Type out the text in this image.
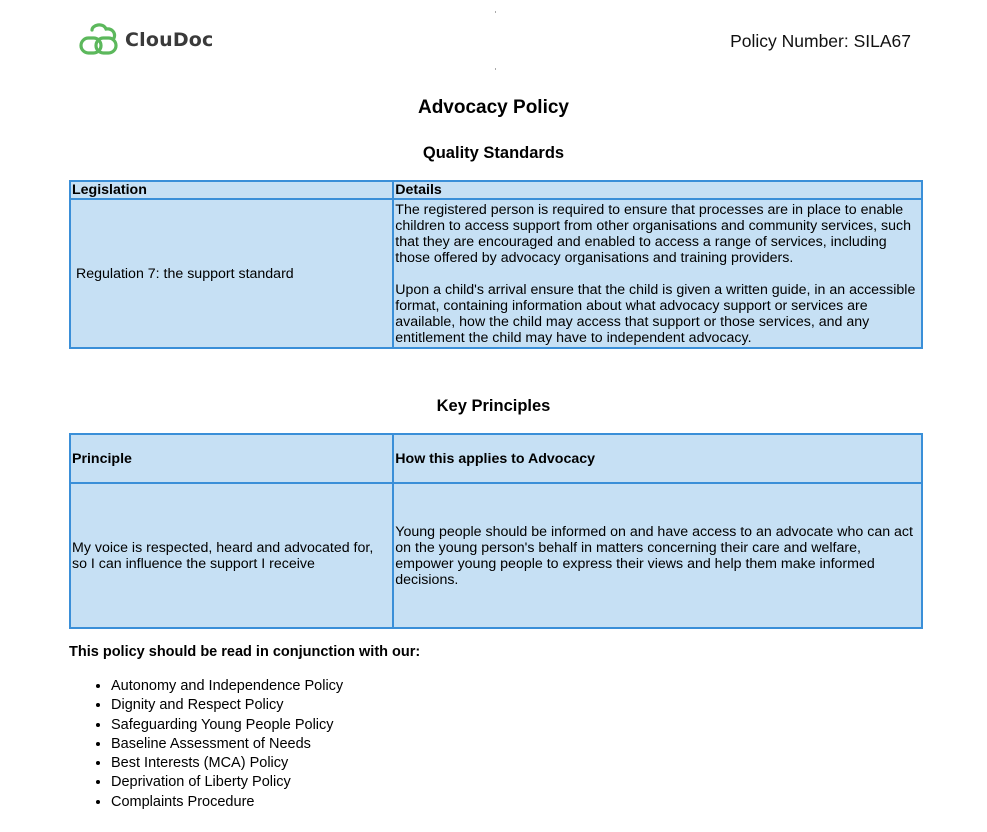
ClouDoc	Policy Number: SILA67
Advocacy Policy
Quality Standards
Legislation	Details
Regulation 7: the support standard	The registered person is required to ensure that processes are in place to enable children to access support from other organisations and community services, such that they are encouraged and enabled to access a range of services, including those offered by advocacy organisations and training providers.

Upon a child's arrival ensure that the child is given a written guide, in an accessible format, containing information about what advocacy support or services are available, how the child may access that support or those services, and any entitlement the child may have to independent advocacy.

Key Principles
Principle	How this applies to Advocacy
My voice is respected, heard and advocated for, so I can influence the support I receive	Young people should be informed on and have access to an advocate who can act on the young person's behalf in matters concerning their care and welfare, empower young people to express their views and help them make informed decisions.

This policy should be read in conjunction with our:

• Autonomy and Independence Policy
• Dignity and Respect Policy
• Safeguarding Young People Policy
• Baseline Assessment of Needs
• Best Interests (MCA) Policy
• Deprivation of Liberty Policy
• Complaints Procedure
